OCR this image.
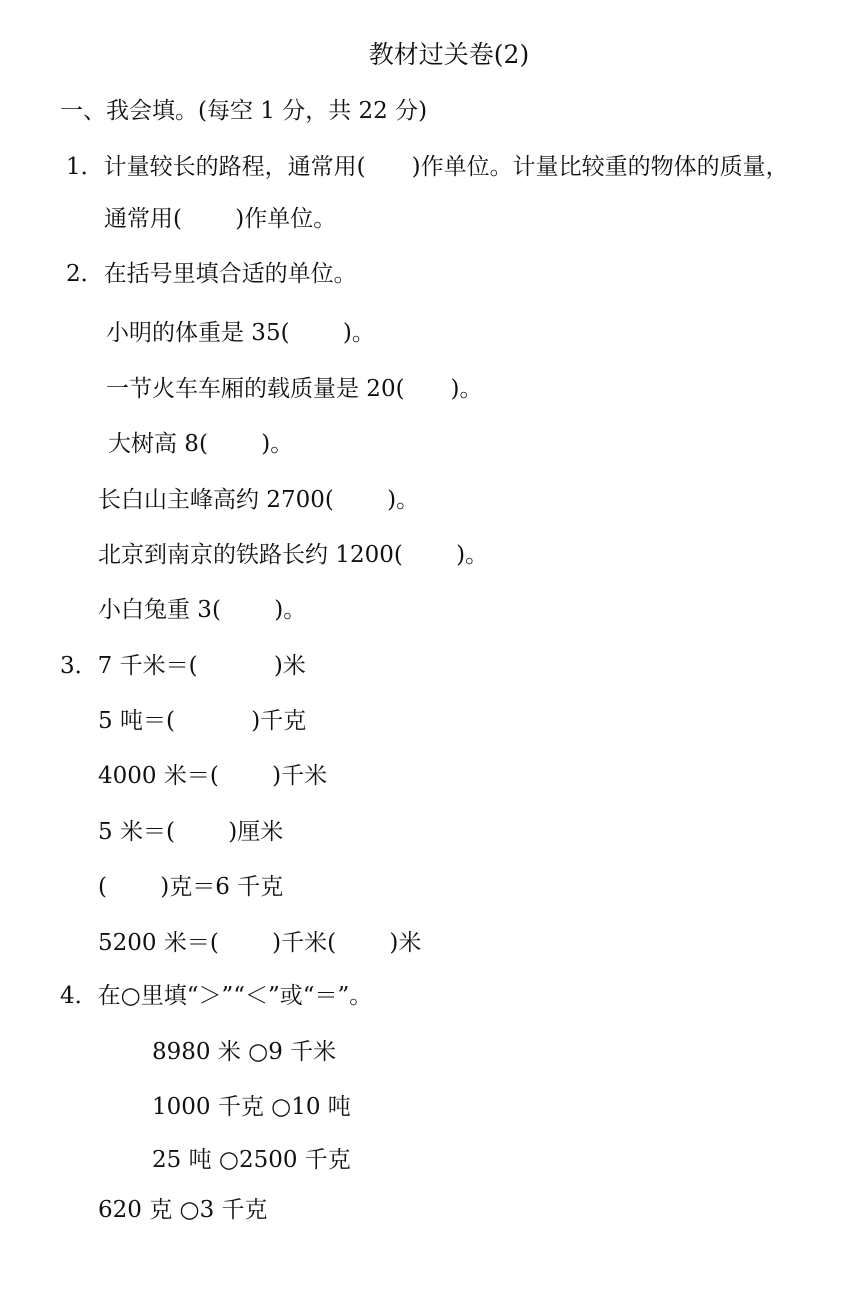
教材过关卷(2)
一、我会填。(每空 1 分，共 22 分)
1．计量较长的路程，通常用(　　)作单位。计量比较重的物体的质量，
通常用(　　 )作单位。
2．在括号里填合适的单位。
小明的体重是 35(　　 )。
一节火车车厢的载质量是 20(　　)。
大树高 8(　　 )。
长白山主峰高约 2700(　　 )。
北京到南京的铁路长约 1200(　　 )。
小白兔重 3(　　 )。
3．7 千米＝(　　　 )米
5 吨＝(　　　 )千克
4000 米＝(　　 )千米
5 米＝(　　 )厘米
(　　 )克＝6 千克
5200 米＝(　　 )千米(　　 )米
4．在○里填“＞”“＜”或“＝”。
8980 米 ○9 千米
1000 千克 ○10 吨
25 吨 ○2500 千克
620 克 ○3 千克
